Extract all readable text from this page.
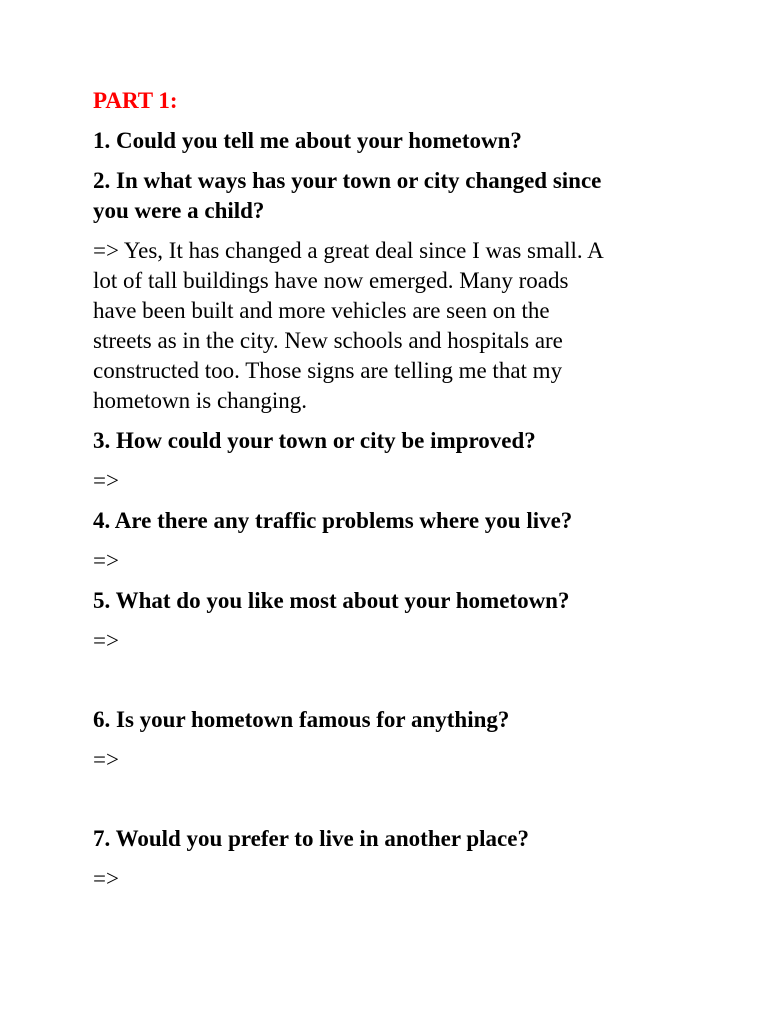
PART 1:
1. Could you tell me about your hometown?
2. In what ways has your town or city changed since
you were a child?
=> Yes, It has changed a great deal since I was small. A
lot of tall buildings have now emerged. Many roads
have been built and more vehicles are seen on the
streets as in the city. New schools and hospitals are
constructed too. Those signs are telling me that my
hometown is changing.
3. How could your town or city be improved?
=>
4. Are there any traffic problems where you live?
=>
5. What do you like most about your hometown?
=>
6. Is your hometown famous for anything?
=>
7. Would you prefer to live in another place?
=>
